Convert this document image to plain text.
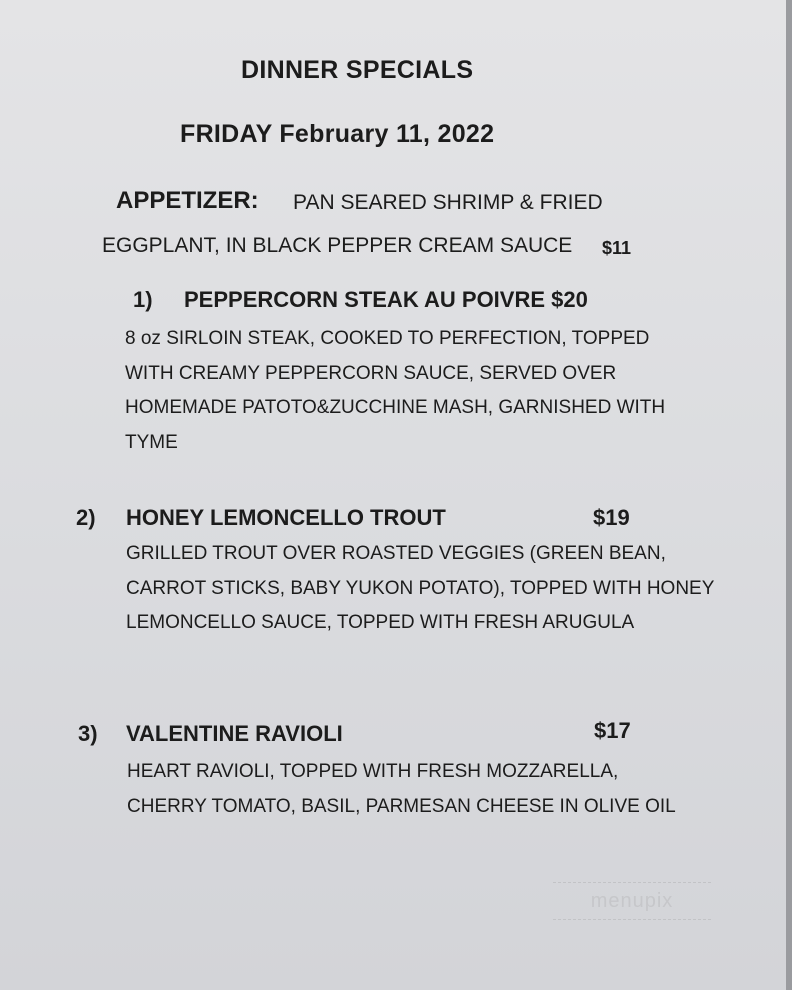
DINNER SPECIALS
FRIDAY February 11, 2022
APPETIZER: PAN SEARED SHRIMP & FRIED
EGGPLANT, IN BLACK PEPPER CREAM SAUCE $11
1) PEPPERCORN STEAK AU POIVRE $20
8 oz SIRLOIN STEAK, COOKED TO PERFECTION, TOPPED WITH CREAMY PEPPERCORN SAUCE, SERVED OVER HOMEMADE PATOTO&ZUCCHINE MASH, GARNISHED WITH TYME
2) HONEY LEMONCELLO TROUT	$19
GRILLED TROUT OVER ROASTED VEGGIES (GREEN BEAN, CARROT STICKS, BABY YUKON POTATO), TOPPED WITH HONEY LEMONCELLO SAUCE, TOPPED WITH FRESH ARUGULA
3) VALENTINE RAVIOLI	$17
HEART RAVIOLI, TOPPED WITH FRESH MOZZARELLA, CHERRY TOMATO, BASIL, PARMESAN CHEESE IN OLIVE OIL
menupix
